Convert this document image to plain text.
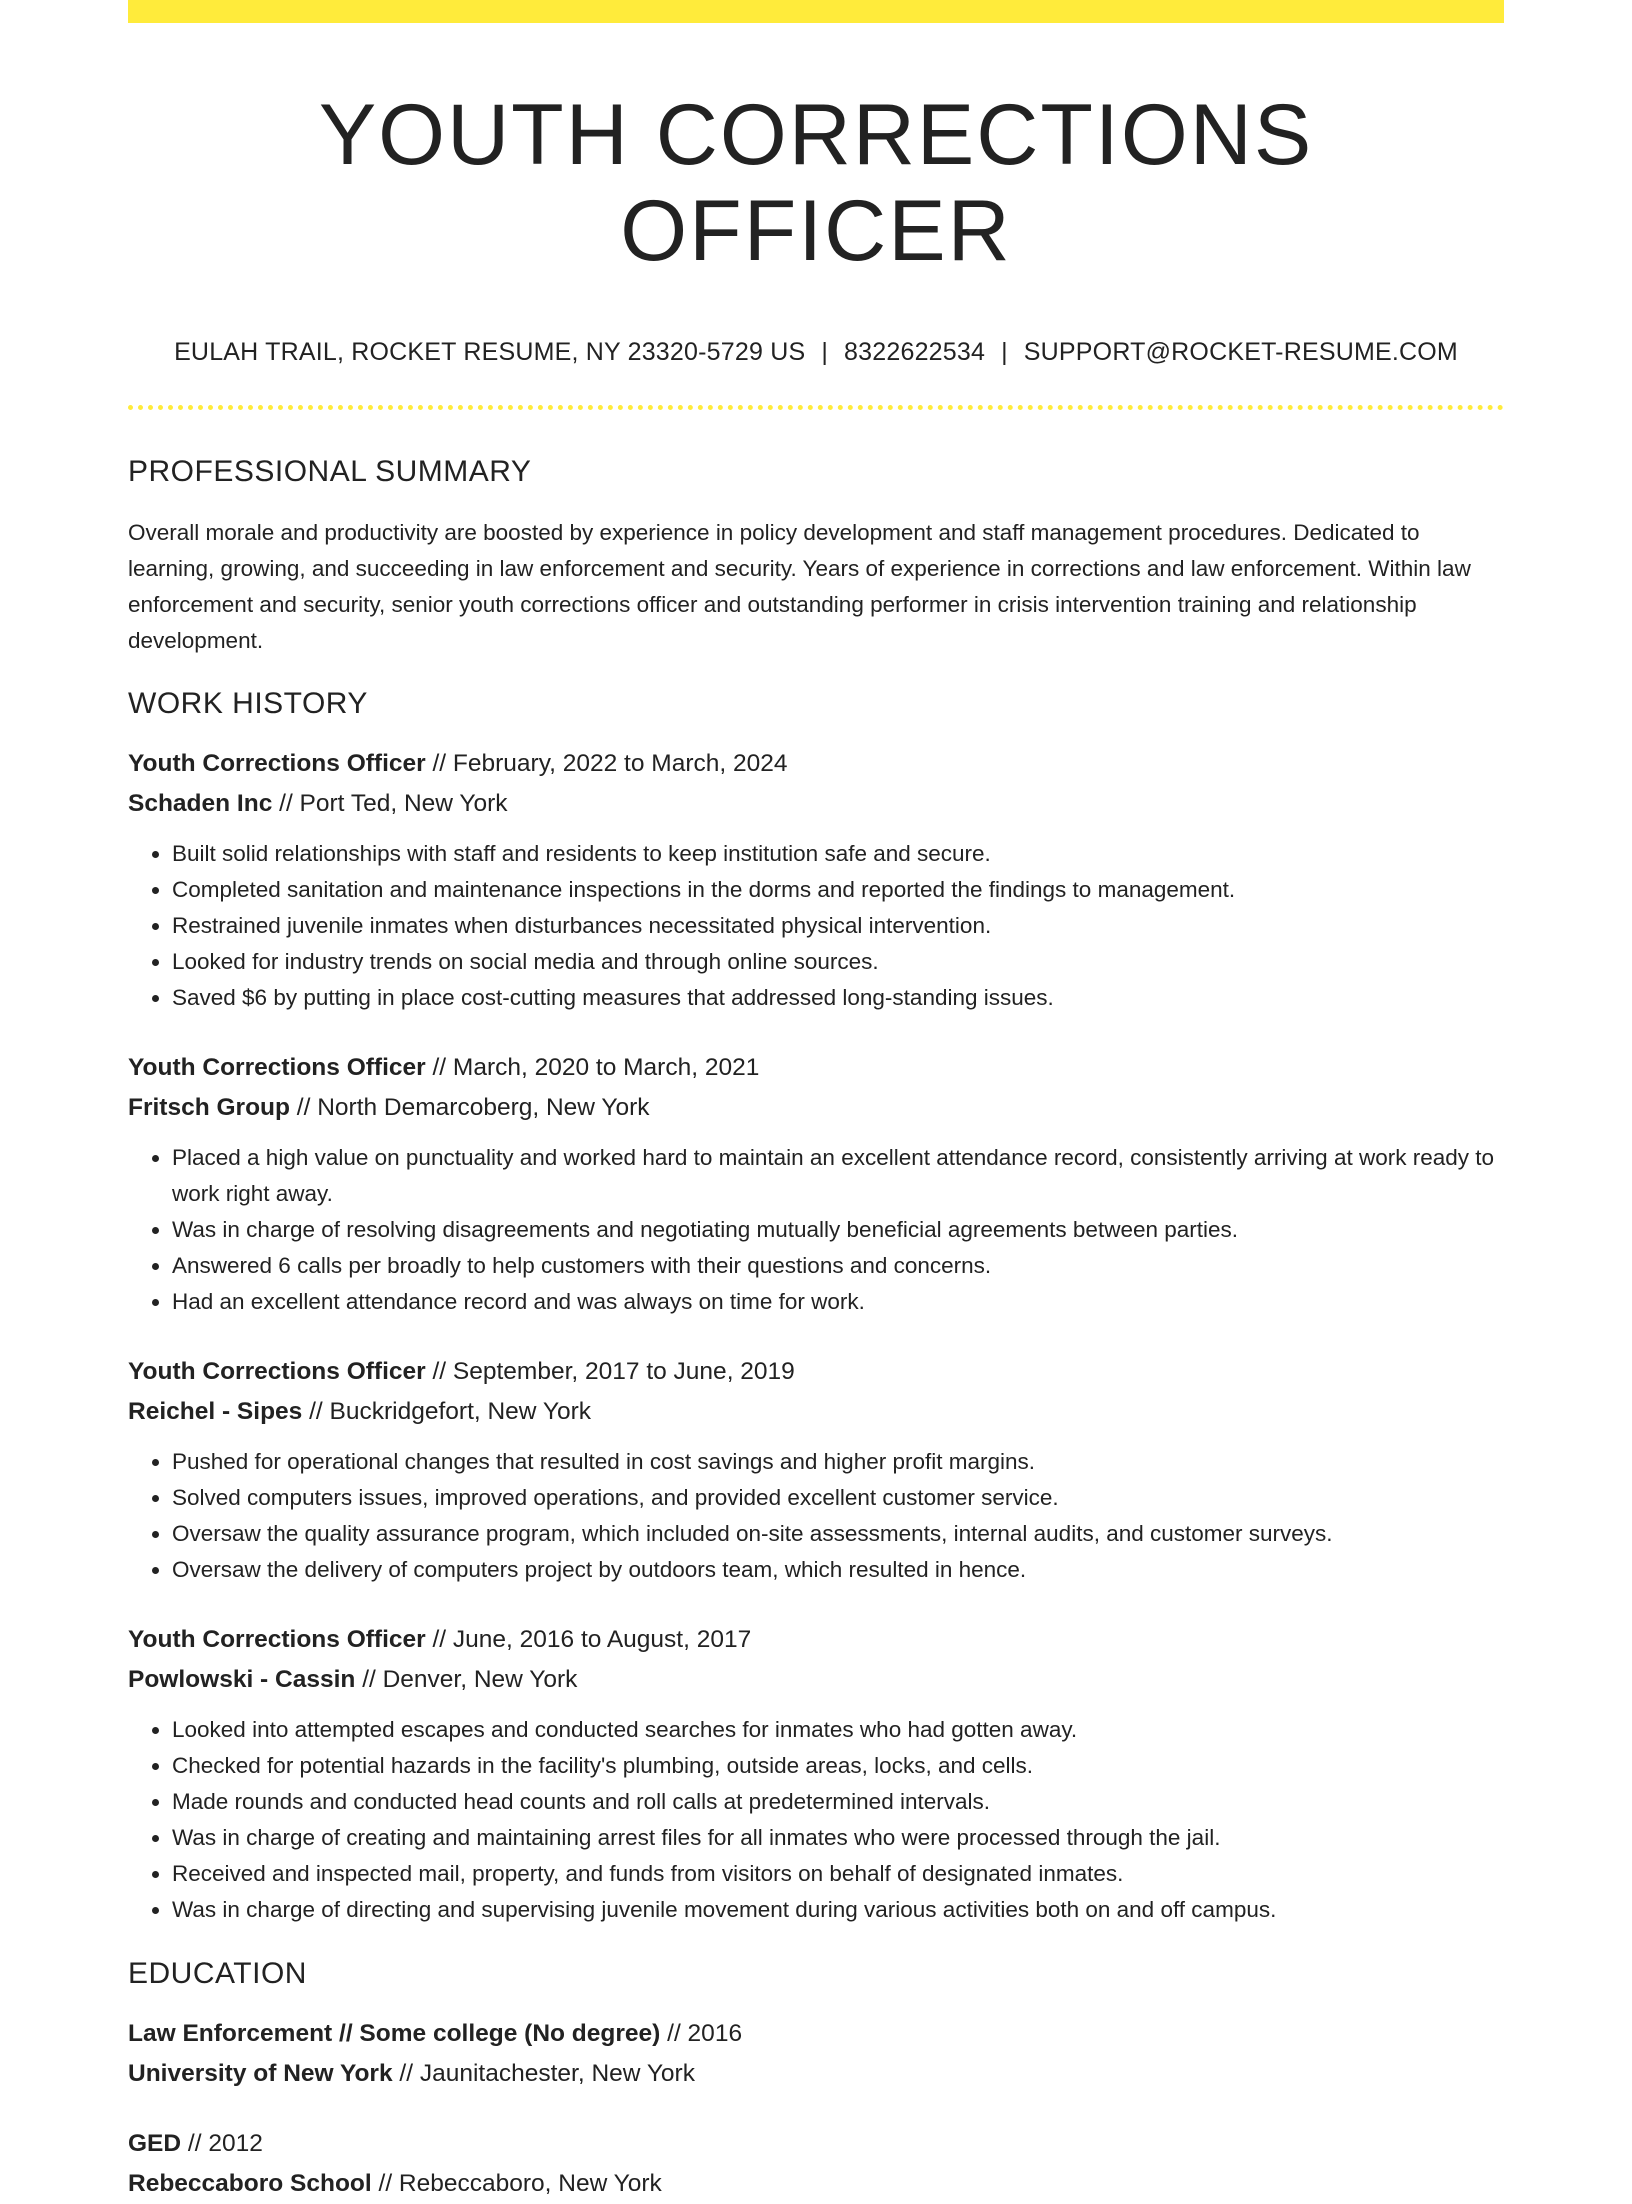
YOUTH CORRECTIONS OFFICER
EULAH TRAIL, ROCKET RESUME, NY 23320-5729 US | 8322622534 | SUPPORT@ROCKET-RESUME.COM
PROFESSIONAL SUMMARY
Overall morale and productivity are boosted by experience in policy development and staff management procedures. Dedicated to learning, growing, and succeeding in law enforcement and security. Years of experience in corrections and law enforcement. Within law enforcement and security, senior youth corrections officer and outstanding performer in crisis intervention training and relationship development.
WORK HISTORY
Youth Corrections Officer // February, 2022 to March, 2024
Schaden Inc // Port Ted, New York
• Built solid relationships with staff and residents to keep institution safe and secure.
• Completed sanitation and maintenance inspections in the dorms and reported the findings to management.
• Restrained juvenile inmates when disturbances necessitated physical intervention.
• Looked for industry trends on social media and through online sources.
• Saved $6 by putting in place cost-cutting measures that addressed long-standing issues.
Youth Corrections Officer // March, 2020 to March, 2021
Fritsch Group // North Demarcoberg, New York
• Placed a high value on punctuality and worked hard to maintain an excellent attendance record, consistently arriving at work ready to work right away.
• Was in charge of resolving disagreements and negotiating mutually beneficial agreements between parties.
• Answered 6 calls per broadly to help customers with their questions and concerns.
• Had an excellent attendance record and was always on time for work.
Youth Corrections Officer // September, 2017 to June, 2019
Reichel - Sipes // Buckridgefort, New York
• Pushed for operational changes that resulted in cost savings and higher profit margins.
• Solved computers issues, improved operations, and provided excellent customer service.
• Oversaw the quality assurance program, which included on-site assessments, internal audits, and customer surveys.
• Oversaw the delivery of computers project by outdoors team, which resulted in hence.
Youth Corrections Officer // June, 2016 to August, 2017
Powlowski - Cassin // Denver, New York
• Looked into attempted escapes and conducted searches for inmates who had gotten away.
• Checked for potential hazards in the facility's plumbing, outside areas, locks, and cells.
• Made rounds and conducted head counts and roll calls at predetermined intervals.
• Was in charge of creating and maintaining arrest files for all inmates who were processed through the jail.
• Received and inspected mail, property, and funds from visitors on behalf of designated inmates.
• Was in charge of directing and supervising juvenile movement during various activities both on and off campus.
EDUCATION
Law Enforcement // Some college (No degree) // 2016
University of New York // Jaunitachester, New York
GED // 2012
Rebeccaboro School // Rebeccaboro, New York
